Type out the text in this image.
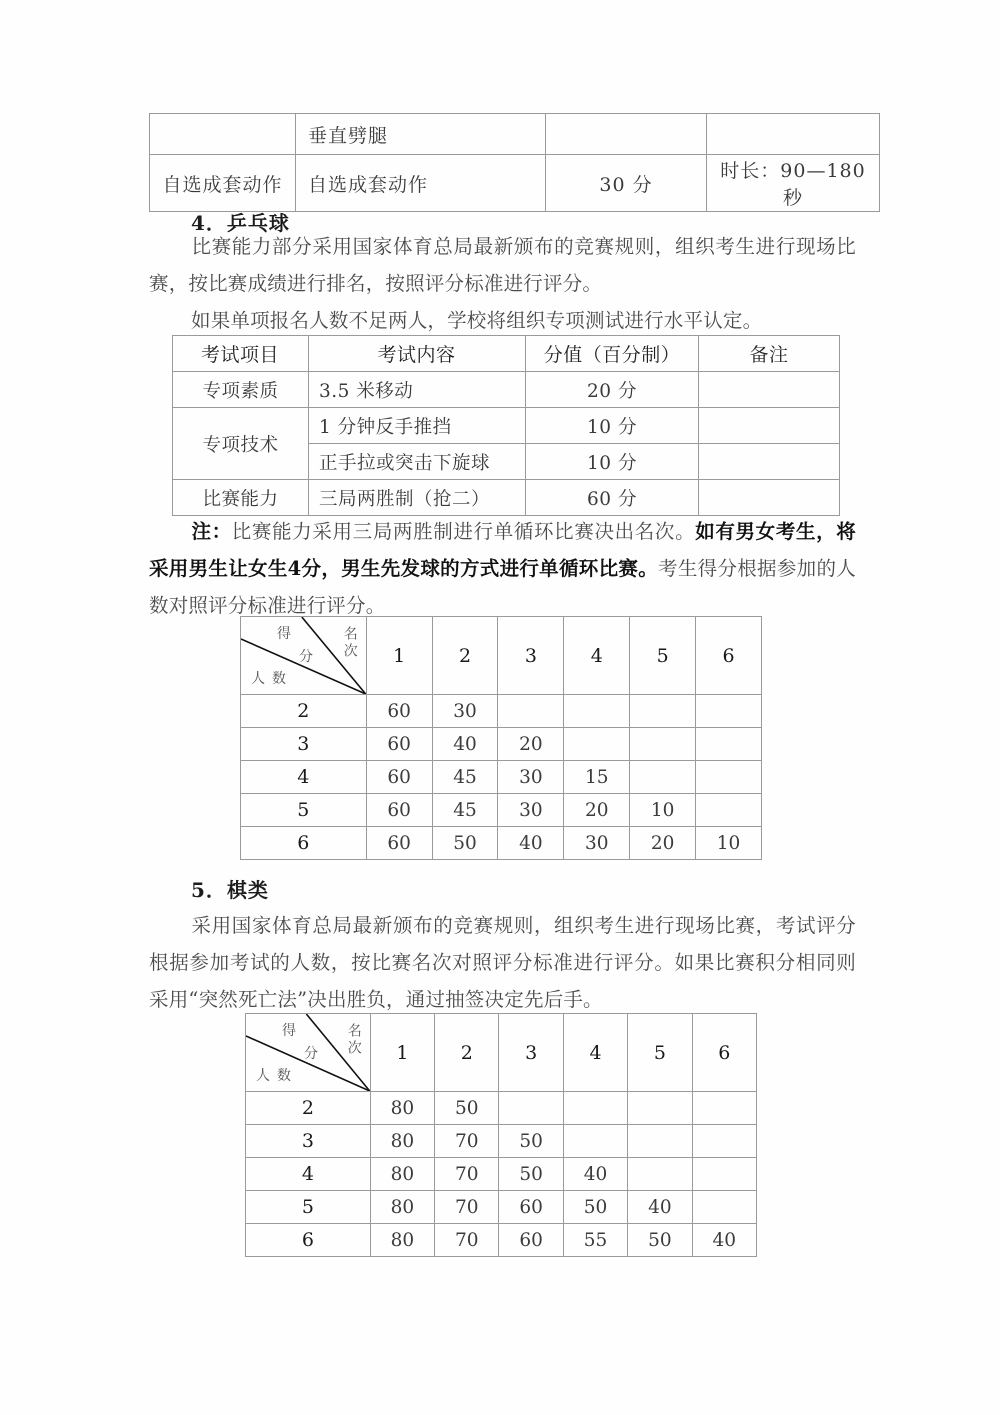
	垂直劈腿		
自选成套动作	自选成套动作	30 分	时长：90—180 秒
4．乒乓球
比赛能力部分采用国家体育总局最新颁布的竞赛规则，组织考生进行现场比赛，按比赛成绩进行排名，按照评分标准进行评分。
如果单项报名人数不足两人，学校将组织专项测试进行水平认定。
考试项目	考试内容	分值（百分制）	备注
专项素质	3.5 米移动	20 分	
专项技术	1 分钟反手推挡	10 分	
	正手拉或突击下旋球	10 分	
比赛能力	三局两胜制（抢二）	60 分	
注：比赛能力采用三局两胜制进行单循环比赛决出名次。如有男女考生，将采用男生让女生4分，男生先发球的方式进行单循环比赛。考生得分根据参加的人数对照评分标准进行评分。
名次
得
分
人数	1	2	3	4	5	6
2	60	30				
3	60	40	20			
4	60	45	30	15		
5	60	45	30	20	10	
6	60	50	40	30	20	10
5．棋类
采用国家体育总局最新颁布的竞赛规则，组织考生进行现场比赛，考试评分根据参加考试的人数，按比赛名次对照评分标准进行评分。如果比赛积分相同则采用“突然死亡法”决出胜负，通过抽签决定先后手。
名次
得
分
人数	1	2	3	4	5	6
2	80	50				
3	80	70	50			
4	80	70	50	40		
5	80	70	60	50	40	
6	80	70	60	55	50	40
